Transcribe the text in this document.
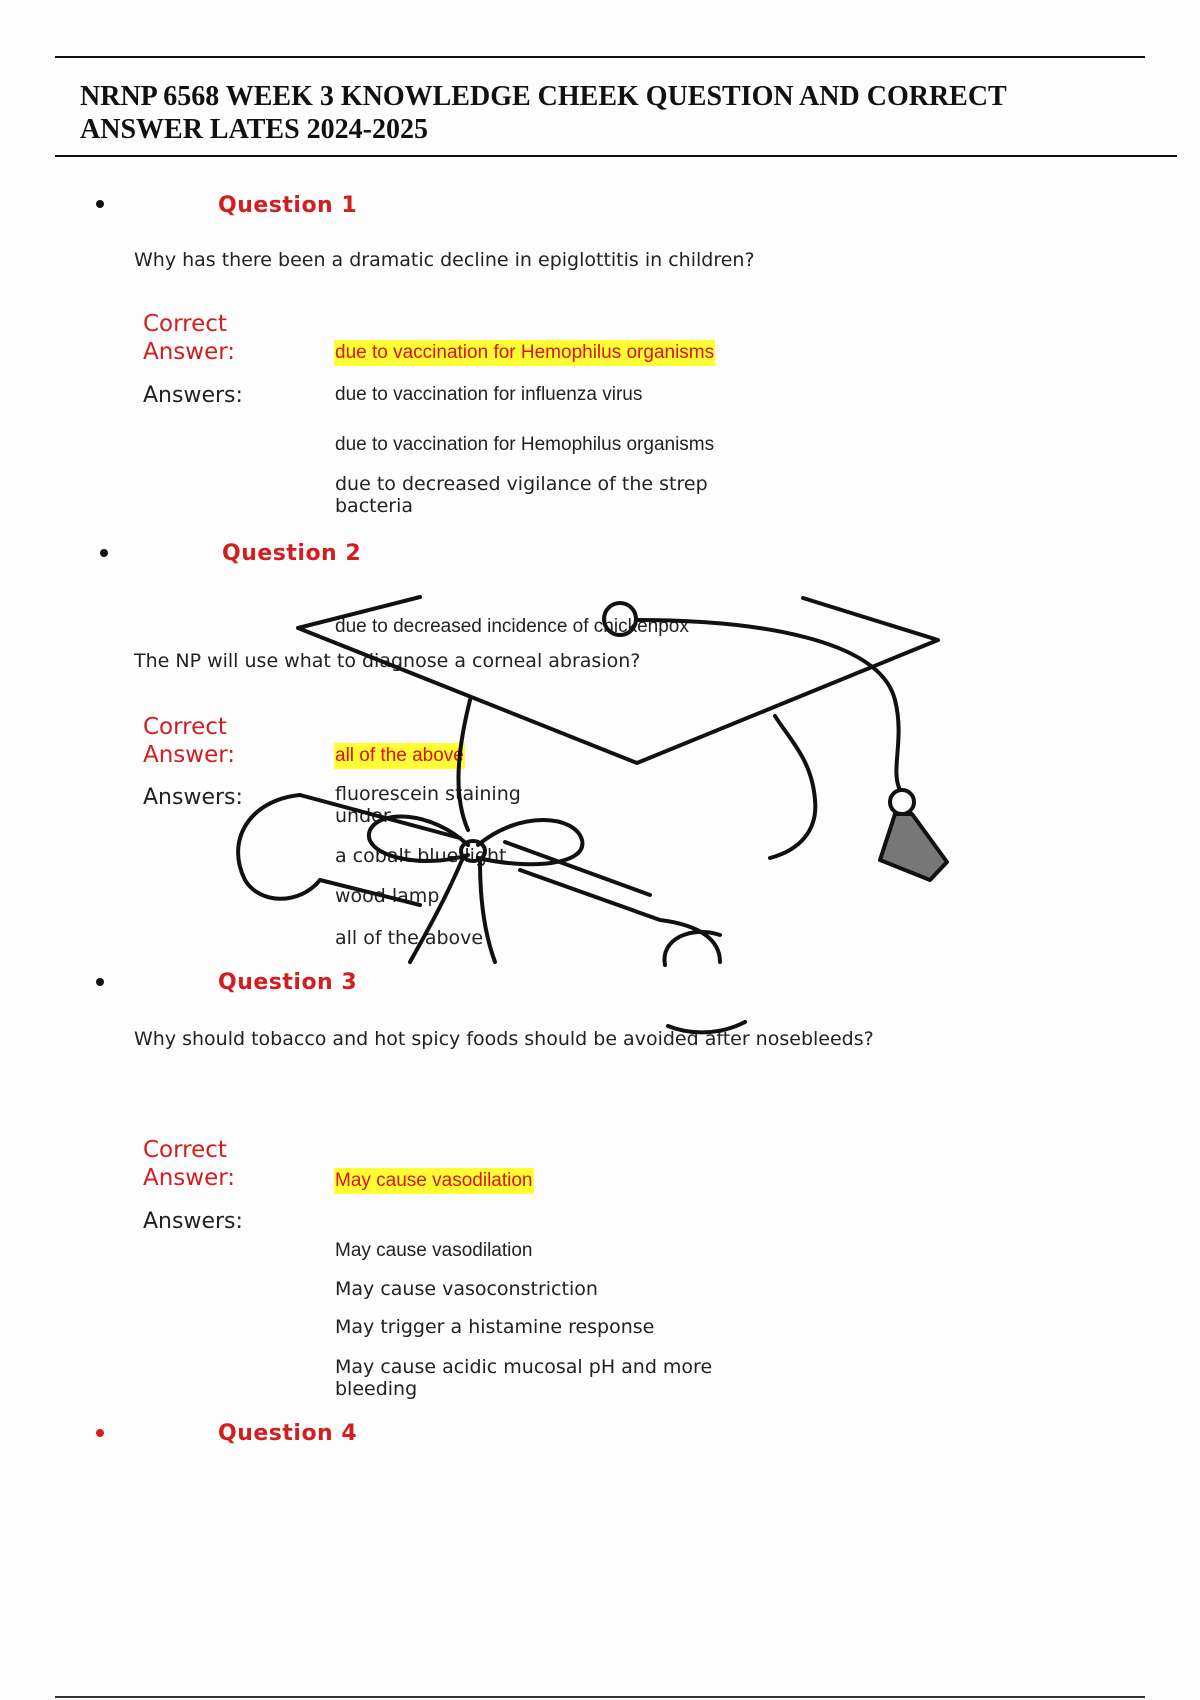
NRNP 6568 WEEK 3 KNOWLEDGE CHEEK QUESTION AND CORRECT ANSWER LATES 2024-2025
Question 1
Why has there been a dramatic decline in epiglottitis in children?
Correct
Answer:	due to vaccination for Hemophilus organisms
Answers:	due to vaccination for influenza virus
due to vaccination for Hemophilus organisms
due to decreased vigilance of the strep bacteria
Question 2
due to decreased incidence of chickenpox
The NP will use what to diagnose a corneal abrasion?
Correct
Answer:	all of the above
Answers:	fluorescein staining under
a cobalt blue light
wood lamp
all of the above
Question 3
Why should tobacco and hot spicy foods should be avoided after nosebleeds?
Correct
Answer:	May cause vasodilation
Answers:
May cause vasodilation
May cause vasoconstriction
May trigger a histamine response
May cause acidic mucosal pH and more bleeding
Question 4
